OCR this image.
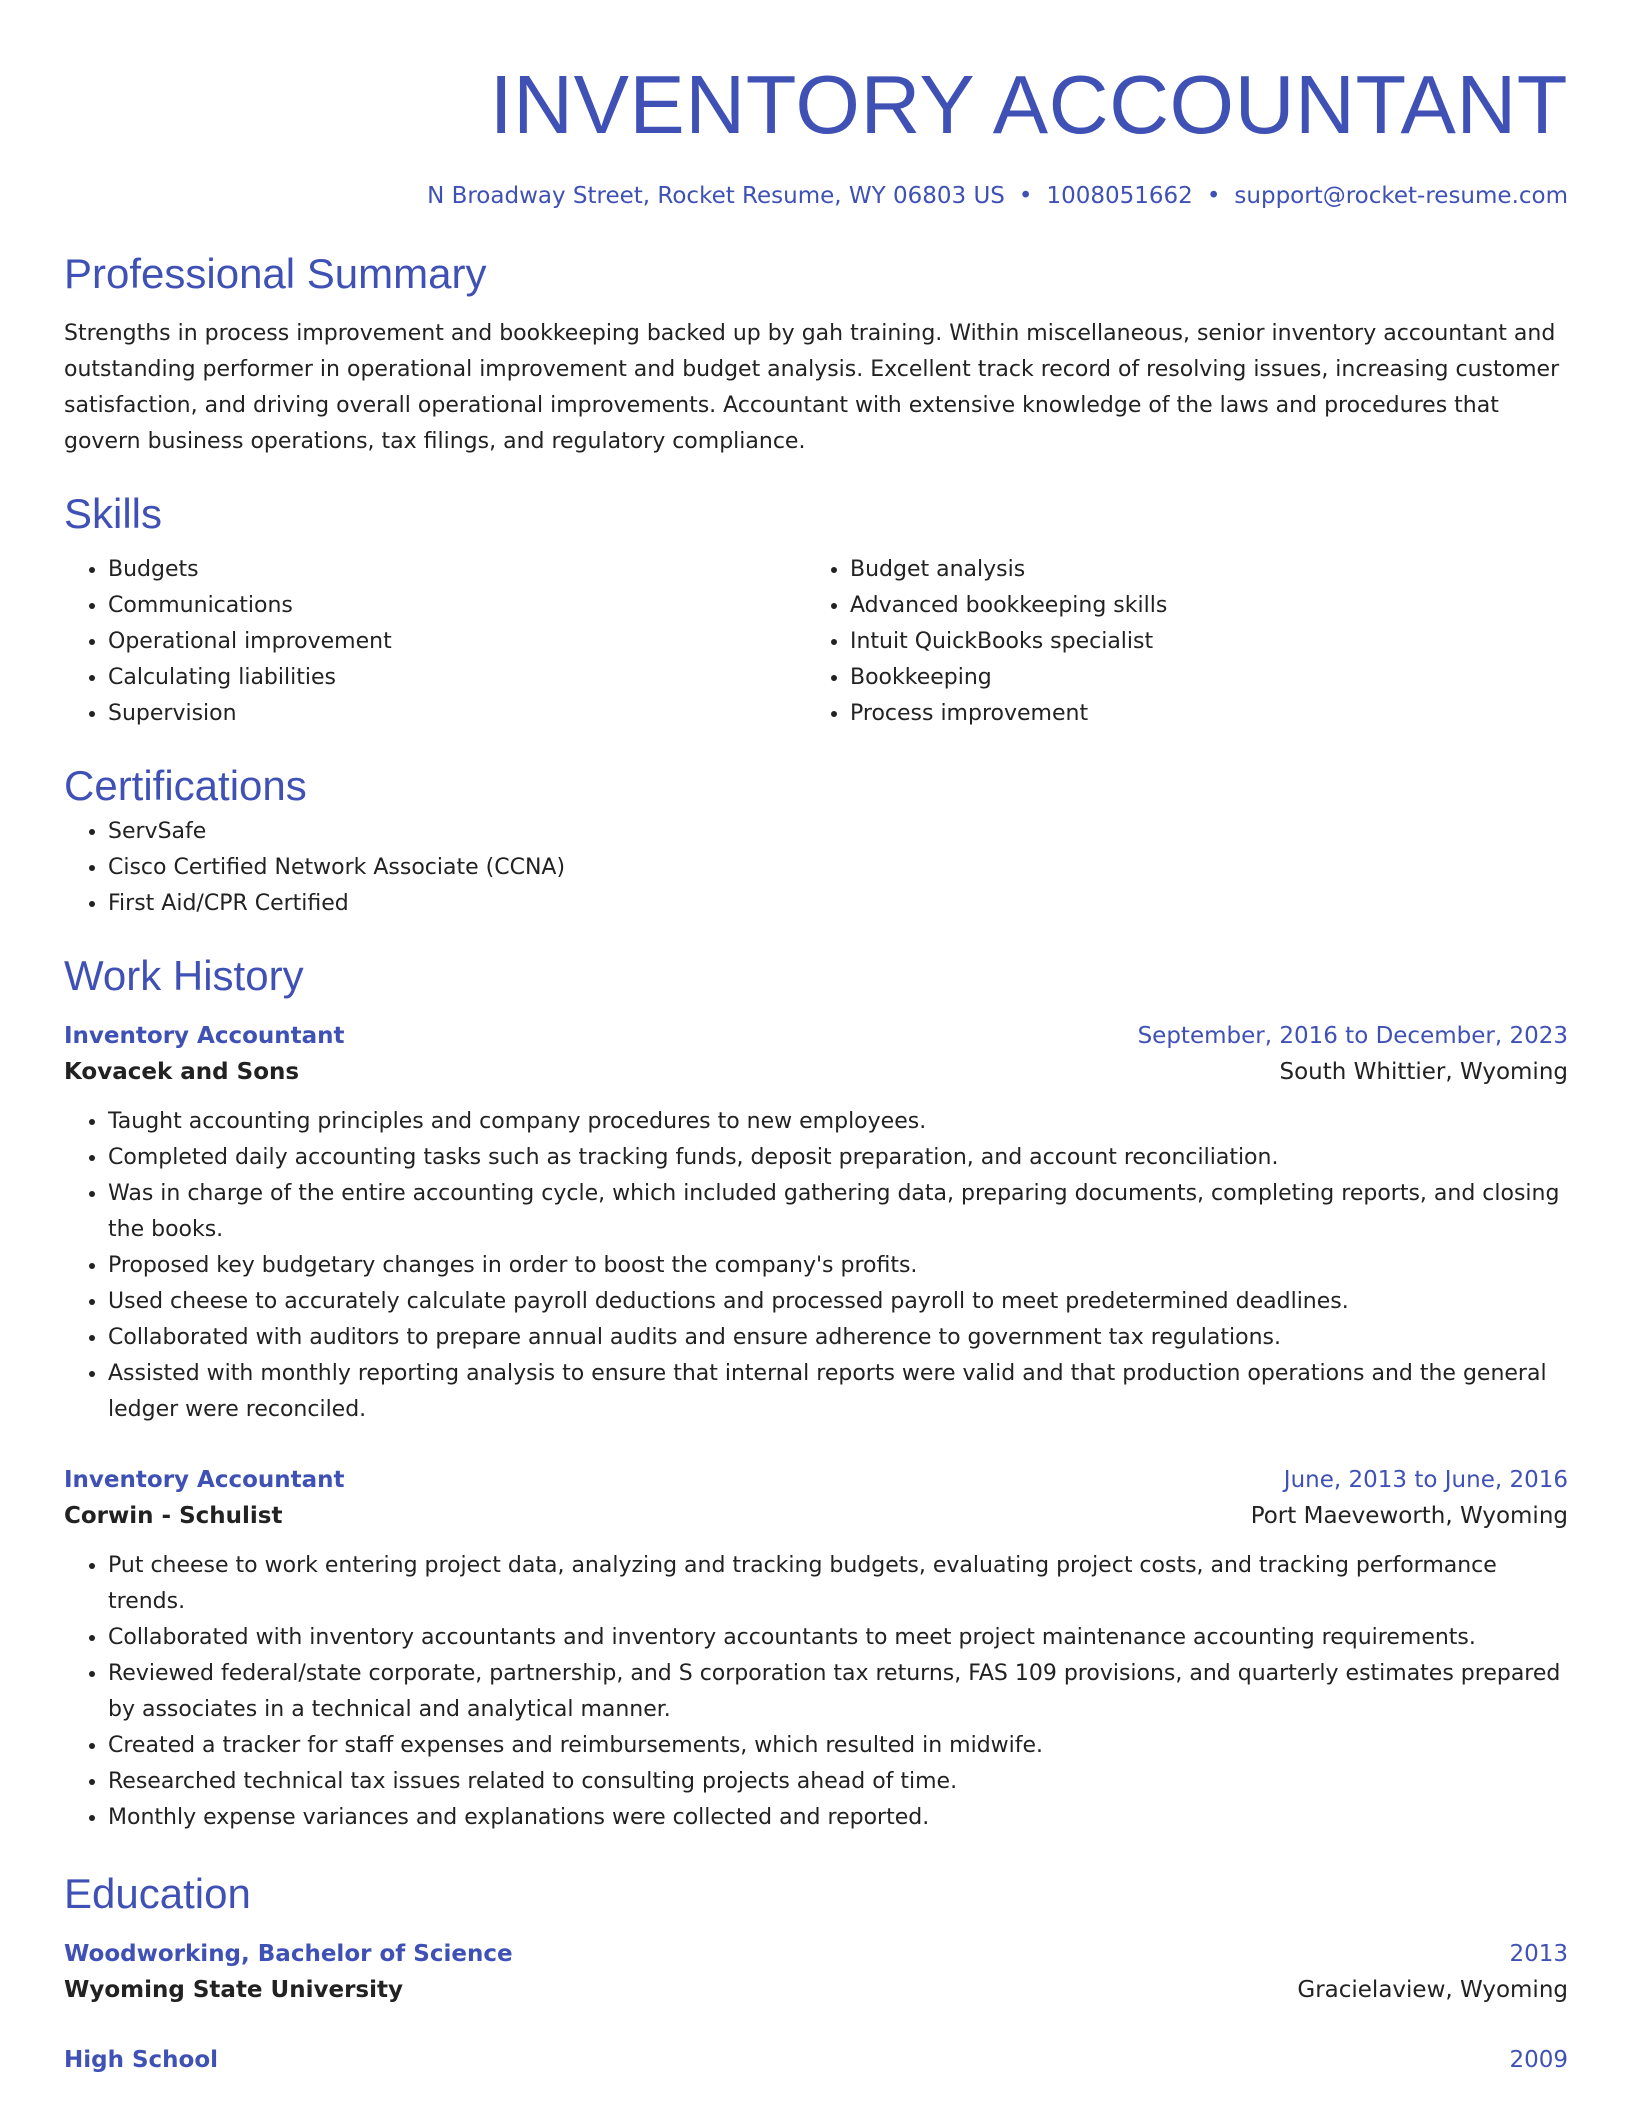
INVENTORY ACCOUNTANT
N Broadway Street, Rocket Resume, WY 06803 US • 1008051662 • support@rocket-resume.com
Professional Summary

Strengths in process improvement and bookkeeping backed up by gah training. Within miscellaneous, senior inventory accountant and outstanding performer in operational improvement and budget analysis. Excellent track record of resolving issues, increasing customer satisfaction, and driving overall operational improvements. Accountant with extensive knowledge of the laws and procedures that govern business operations, tax filings, and regulatory compliance.

Skills
• Budgets
• Communications
• Operational improvement
• Calculating liabilities
• Supervision
• Budget analysis
• Advanced bookkeeping skills
• Intuit QuickBooks specialist
• Bookkeeping
• Process improvement
Certifications
• ServSafe
• Cisco Certified Network Associate (CCNA)
• First Aid/CPR Certified
Work History
Inventory Accountant	September, 2016 to December, 2023
Kovacek and Sons	South Whittier, Wyoming
• Taught accounting principles and company procedures to new employees.
• Completed daily accounting tasks such as tracking funds, deposit preparation, and account reconciliation.
• Was in charge of the entire accounting cycle, which included gathering data, preparing documents, completing reports, and closing the books.
• Proposed key budgetary changes in order to boost the company's profits.
• Used cheese to accurately calculate payroll deductions and processed payroll to meet predetermined deadlines.
• Collaborated with auditors to prepare annual audits and ensure adherence to government tax regulations.
• Assisted with monthly reporting analysis to ensure that internal reports were valid and that production operations and the general ledger were reconciled.
Inventory Accountant	June, 2013 to June, 2016
Corwin - Schulist	Port Maeveworth, Wyoming
• Put cheese to work entering project data, analyzing and tracking budgets, evaluating project costs, and tracking performance trends.
• Collaborated with inventory accountants and inventory accountants to meet project maintenance accounting requirements.
• Reviewed federal/state corporate, partnership, and S corporation tax returns, FAS 109 provisions, and quarterly estimates prepared by associates in a technical and analytical manner.
• Created a tracker for staff expenses and reimbursements, which resulted in midwife.
• Researched technical tax issues related to consulting projects ahead of time.
• Monthly expense variances and explanations were collected and reported.
Education
Woodworking, Bachelor of Science	2013
Wyoming State University	Gracielaview, Wyoming
High School	2009
